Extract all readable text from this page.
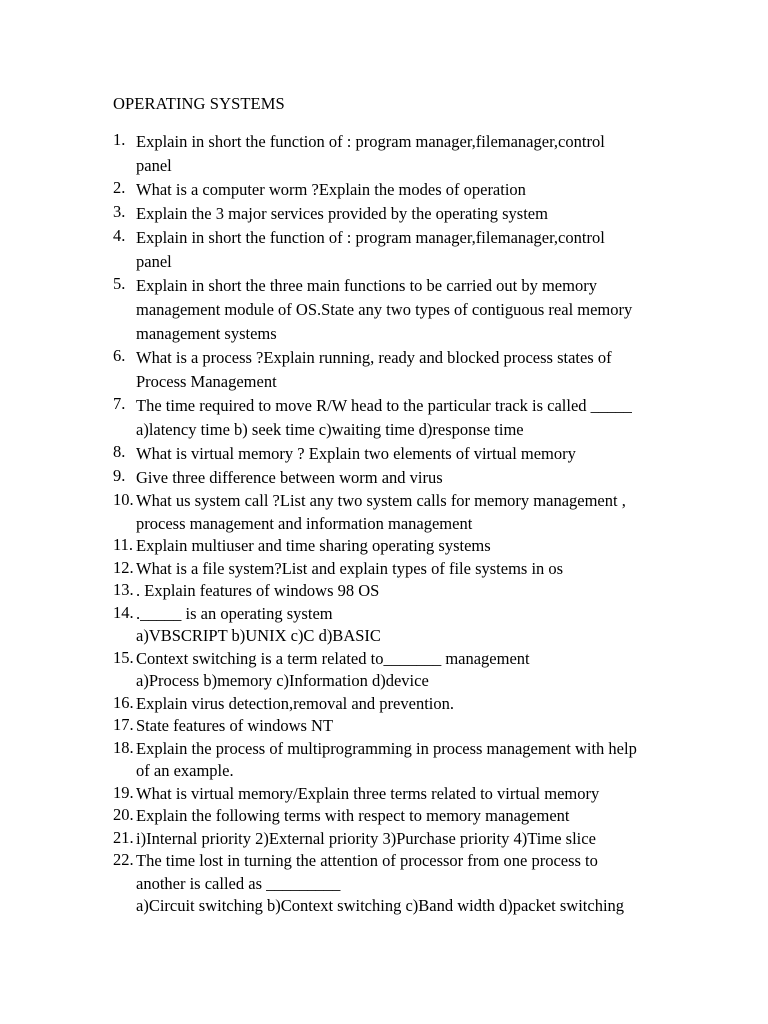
OPERATING SYSTEMS
1. Explain in short the function of : program manager,filemanager,control
panel
2. What is a computer worm ?Explain the modes of operation
3. Explain the 3 major services provided by the operating system
4. Explain in short the function of : program manager,filemanager,control
panel
5. Explain in short the three main functions to be carried out by memory
management module of OS.State any two types of contiguous real memory
management systems
6. What is a process ?Explain running, ready and blocked process states of
Process Management
7. The time required to move R/W head to the particular track is called _____
a)latency time b) seek time c)waiting time d)response time
8. What is virtual memory ? Explain two elements of virtual memory
9. Give three difference between worm and virus
10. What us system call ?List any two system calls for memory management ,
process management and information management
11. Explain multiuser and time sharing operating systems
12. What is a file system?List and explain types of file systems in os
13. . Explain features of windows 98 OS
14. ._____ is an operating system
a)VBSCRIPT b)UNIX c)C d)BASIC
15. Context switching is a term related to_______ management
a)Process b)memory c)Information d)device
16. Explain virus detection,removal and prevention.
17. State features of windows NT
18. Explain the process of multiprogramming in process management with help
of an example.
19. What is virtual memory/Explain three terms related to virtual memory
20. Explain the following terms with respect to memory management
21. i)Internal priority 2)External priority 3)Purchase priority 4)Time slice
22. The time lost in turning the attention of processor from one process to
another is called as _________
a)Circuit switching b)Context switching c)Band width d)packet switching
